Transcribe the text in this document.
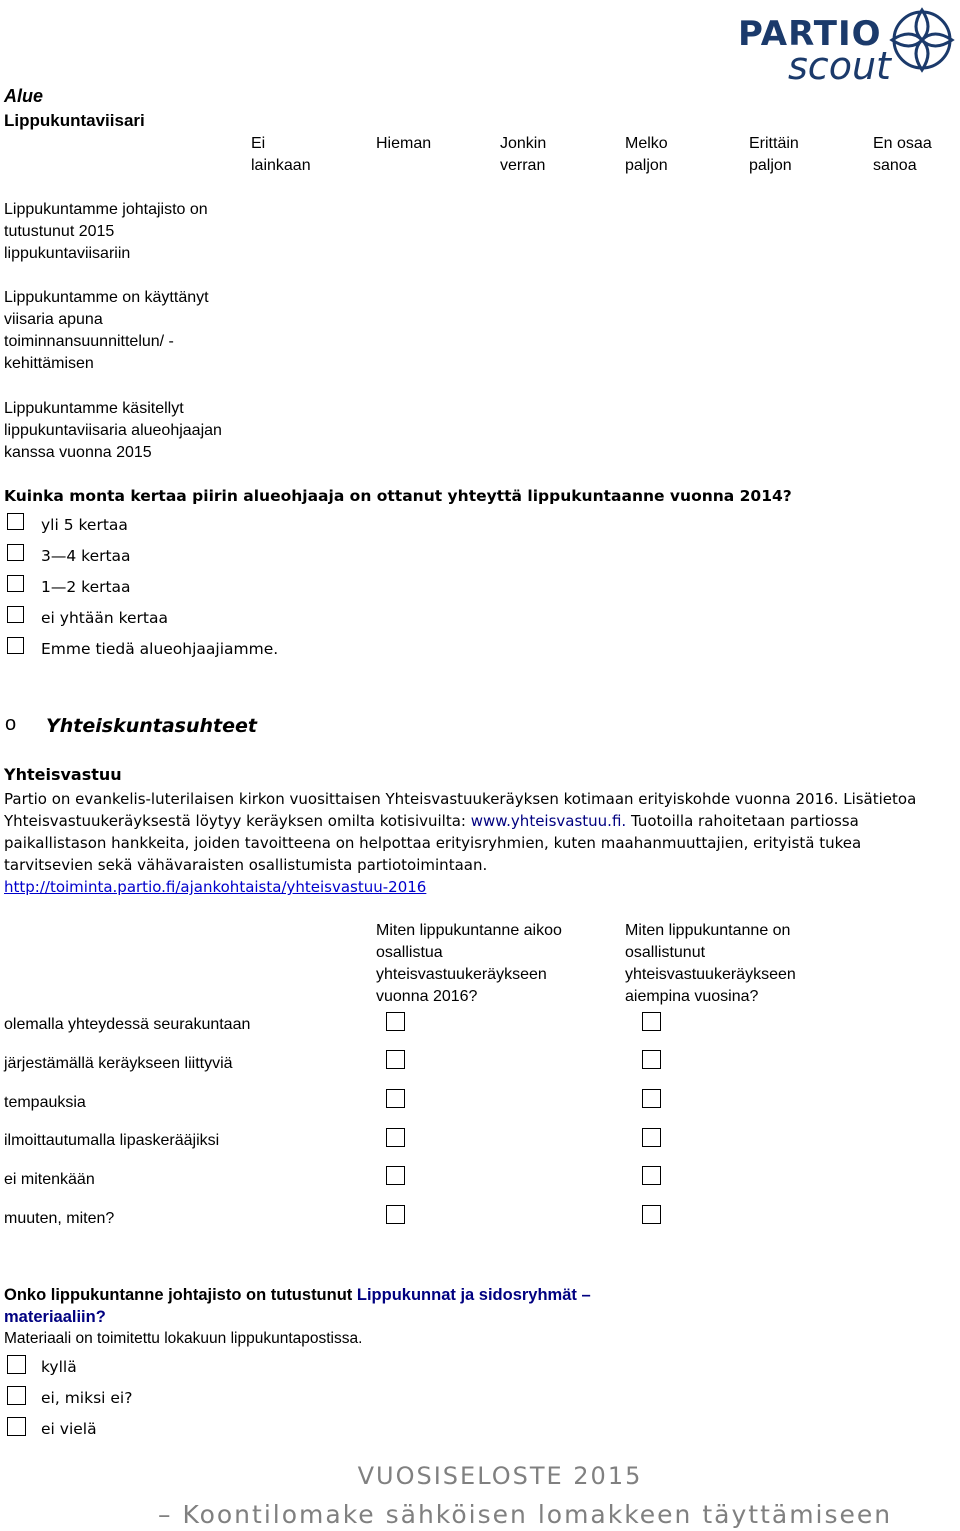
PARTIO
scout
Alue
Lippukuntaviisari
Ei
lainkaan
Hieman	Jonkin
verran
Melko
paljon
Erittäin
paljon
En osaa
sanoa
Lippukuntamme johtajisto on
tutustunut 2015
lippukuntaviisariin
Lippukuntamme on käyttänyt
viisaria apuna
toiminnansuunnittelun/ -
kehittämisen
Lippukuntamme käsitellyt
lippukuntaviisaria alueohjaajan
kanssa vuonna 2015
Kuinka monta kertaa piirin alueohjaaja on ottanut yhteyttä lippukuntaanne vuonna 2014?
yli 5 kertaa
3—4 kertaa
1—2 kertaa
ei yhtään kertaa
Emme tiedä alueohjaajiamme.
o Yhteiskuntasuhteet
Yhteisvastuu
Partio on evankelis-luterilaisen kirkon vuosittaisen Yhteisvastuukeräyksen kotimaan erityiskohde vuonna 2016. Lisätietoa
Yhteisvastuukeräyksestä löytyy keräyksen omilta kotisivuilta: www.yhteisvastuu.fi. Tuotoilla rahoitetaan partiossa
paikallistason hankkeita, joiden tavoitteena on helpottaa erityisryhmien, kuten maahanmuuttajien, erityistä tukea
tarvitsevien sekä vähävaraisten osallistumista partiotoimintaan.
http://toiminta.partio.fi/ajankohtaista/yhteisvastuu-2016
Miten lippukuntanne aikoo
osallistua
yhteisvastuukeräykseen
vuonna 2016?
Miten lippukuntanne on
osallistunut
yhteisvastuukeräykseen
aiempina vuosina?
olemalla yhteydessä seurakuntaan
järjestämällä keräykseen liittyviä
tempauksia
ilmoittautumalla lipaskerääjiksi
ei mitenkään
muuten, miten?
Onko lippukuntanne johtajisto on tutustunut Lippukunnat ja sidosryhmät –
materiaaliin?
Materiaali on toimitettu lokakuun lippukuntapostissa.
kyllä
ei, miksi ei?
ei vielä
VUOSISELOSTE 2015
– Koontilomake sähköisen lomakkeen täyttämiseen
